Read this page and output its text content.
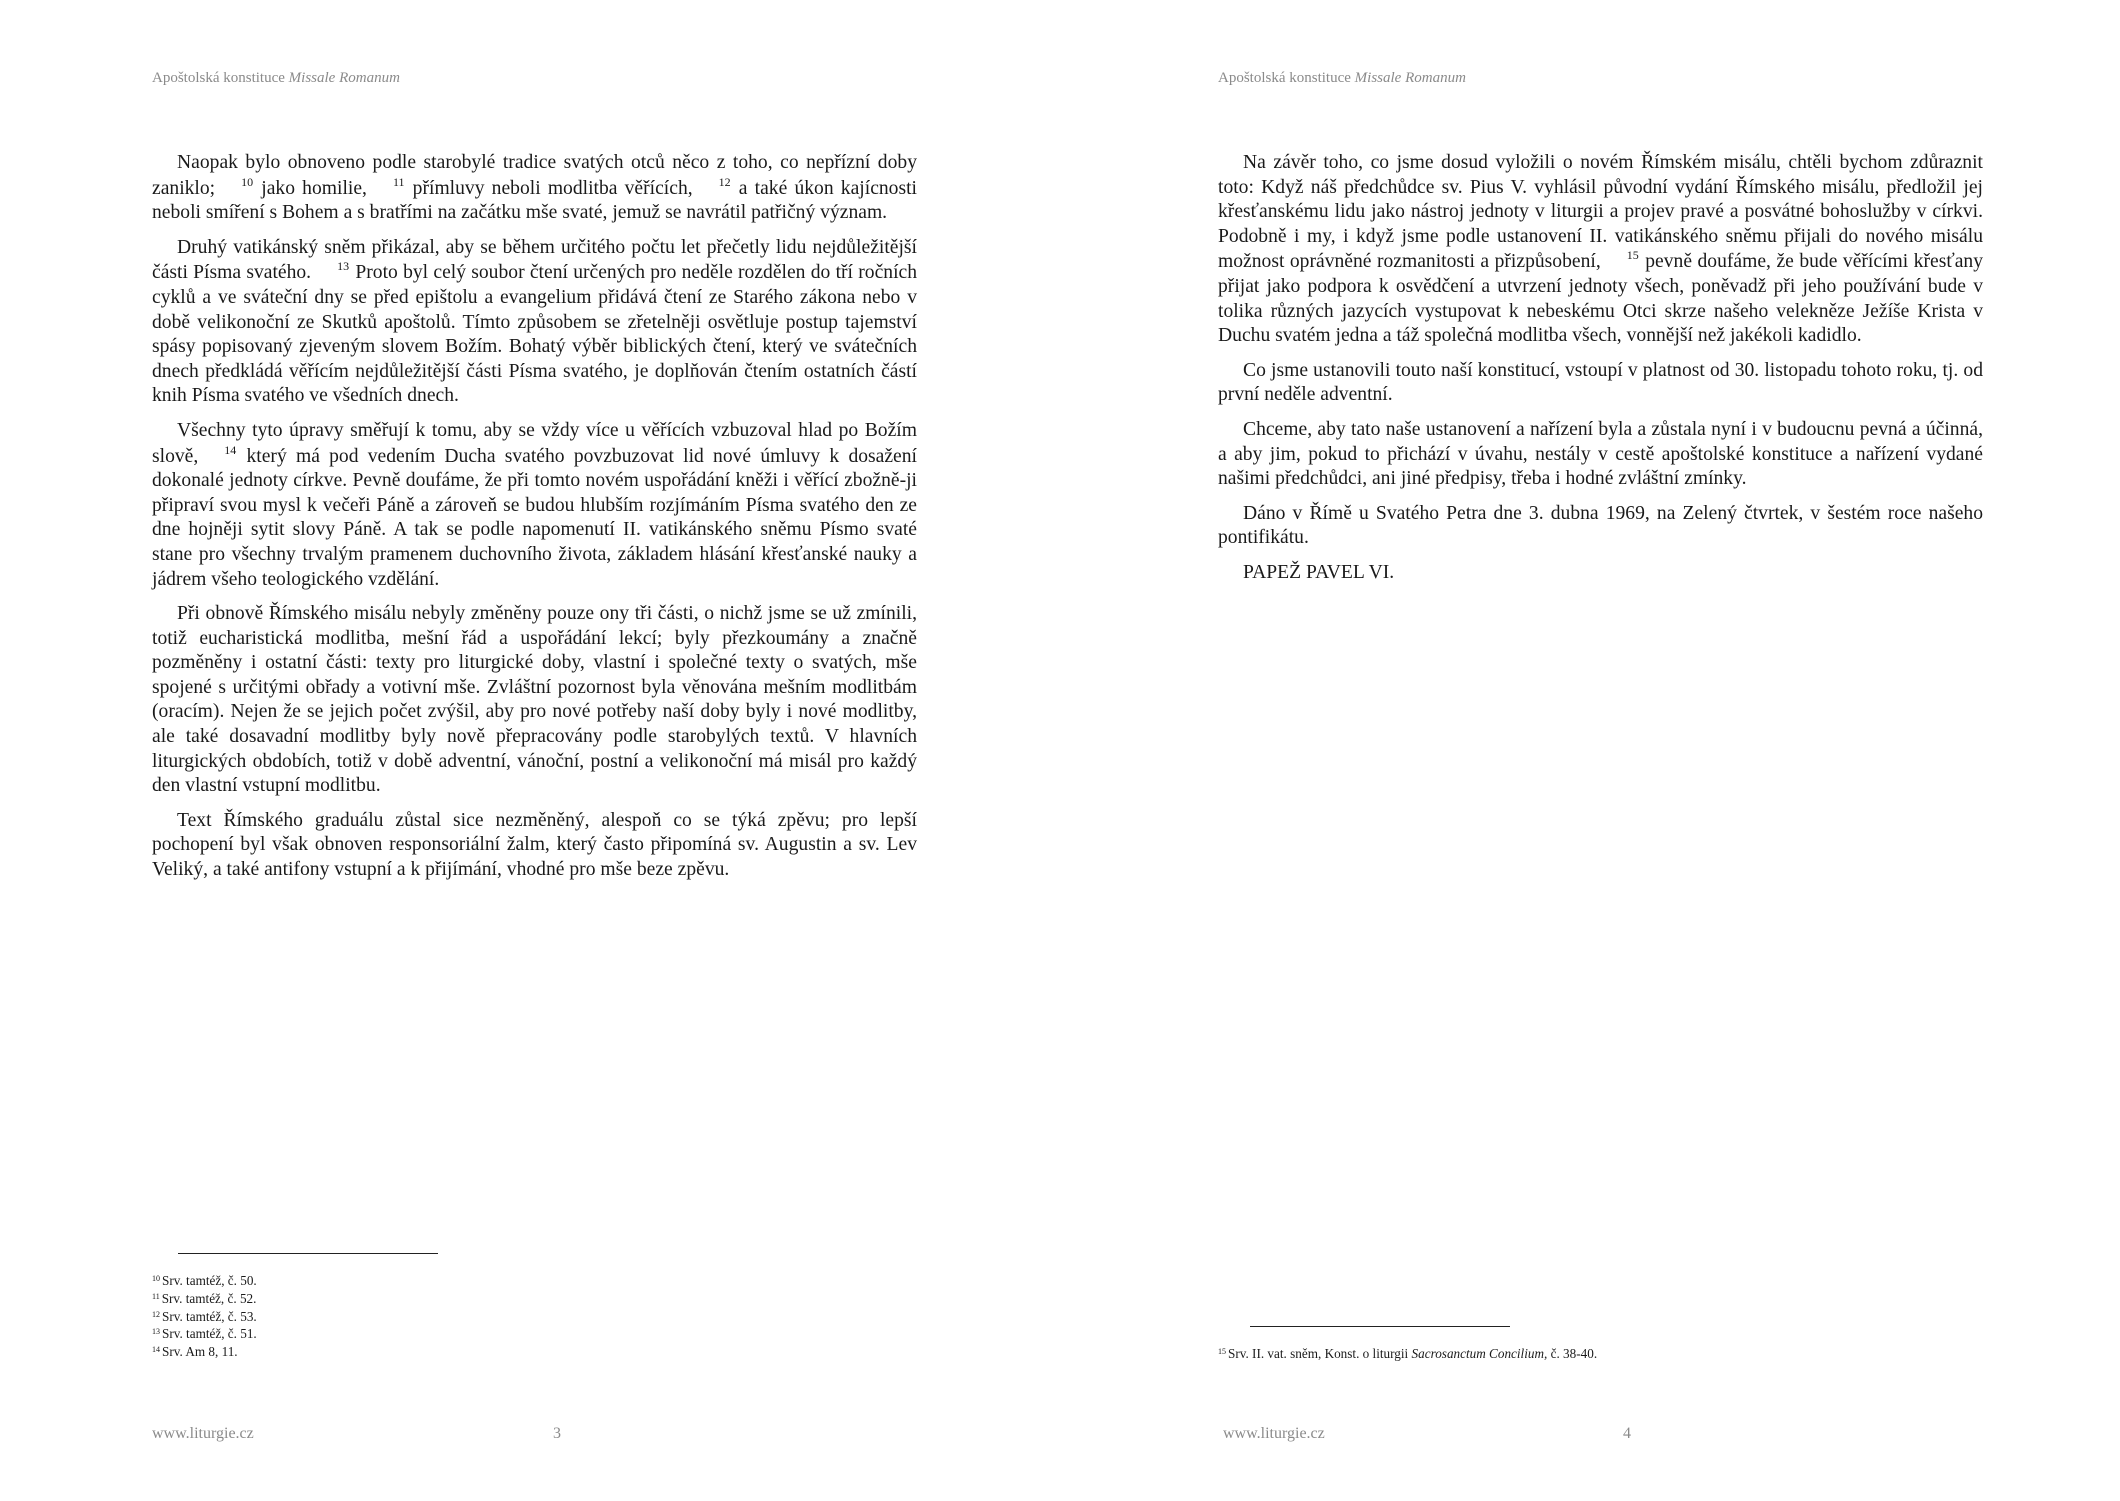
Apoštolská konstituce Missale Romanum

Naopak bylo obnoveno podle starobylé tradice svatých otců něco z toho, co nepřízní doby zaniklo; $^{10}$ jako homilie, $^{11}$ přímluvy neboli modlitba věřících, $^{12}$ a také úkon kajícnosti neboli smíření s Bohem a s bratřími na začátku mše svaté, jemuž se navrátil patřičný význam.

Druhý vatikánský sněm přikázal, aby se během určitého počtu let přečetly lidu nejdůležitější části Písma svatého. $^{13}$ Proto byl celý soubor čtení určených pro neděle rozdělen do tří ročních cyklů a ve sváteční dny se před epištolu a evangelium přidává čtení ze Starého zákona nebo v době velikonoční ze Skutků apoštolů. Tímto způsobem se zřetelněji osvětluje postup tajemství spásy popisovaný zjeveným slovem Božím. Bohatý výběr biblických čtení, který ve svátečních dnech předkládá věřícím nejdůležitější části Písma svatého, je doplňován čtením ostatních částí knih Písma svatého ve všedních dnech.

Všechny tyto úpravy směřují k tomu, aby se vždy více u věřících vzbuzoval hlad po Božím slově, $^{14}$ který má pod vedením Ducha svatého povzbuzovat lid nové úmluvy k dosažení dokonalé jednoty církve. Pevně doufáme, že při tomto novém uspořádání kněži i věřící zbožně-ji připraví svou mysl k večeři Páně a zároveň se budou hlubším rozjímáním Písma svatého den ze dne hojněji sytit slovy Páně. A tak se podle napomenutí II. vatikánského sněmu Písmo svaté stane pro všechny trvalým pramenem duchovního života, základem hlásání křesťanské nauky a jádrem všeho teologického vzdělání.

Při obnově Římského misálu nebyly změněny pouze ony tři části, o nichž jsme se už zmínili, totiž eucharistická modlitba, mešní řád a uspořádání lekcí; byly přezkoumány a značně pozměněny i ostatní části: texty pro liturgické doby, vlastní i společné texty o svatých, mše spojené s určitými obřady a votivní mše. Zvláštní pozornost byla věnována mešním modlitbám (oracím). Nejen že se jejich počet zvýšil, aby pro nové potřeby naší doby byly i nové modlitby, ale také dosavadní modlitby byly nově přepracovány podle starobylých textů. V hlavních liturgických obdobích, totiž v době adventní, vánoční, postní a velikonoční má misál pro každý den vlastní vstupní modlitbu.

Text Římského graduálu zůstal sice nezměněný, alespoň co se týká zpěvu; pro lepší pochopení byl však obnoven responsoriální žalm, který často připomíná sv. Augustin a sv. Lev Veliký, a také antifony vstupní a k přijímání, vhodné pro mše beze zpěvu.

10 Srv. tamtéž, č. 50.
11 Srv. tamtéž, č. 52.
12 Srv. tamtéž, č. 53.
13 Srv. tamtéž, č. 51.
14 Srv. Am 8, 11.
www.liturgie.cz	3
Apoštolská konstituce Missale Romanum

Na závěr toho, co jsme dosud vyložili o novém Římském misálu, chtěli bychom zdůraznit toto: Když náš předchůdce sv. Pius V. vyhlásil původní vydání Římského misálu, předložil jej křesťanskému lidu jako nástroj jednoty v liturgii a projev pravé a posvátné bohoslužby v církvi. Podobně i my, i když jsme podle ustanovení II. vatikánského sněmu přijali do nového misálu možnost oprávněné rozmanitosti a přizpůsobení, $^{15}$ pevně doufáme, že bude věřícími křesťany přijat jako podpora k osvědčení a utvrzení jednoty všech, poněvadž při jeho používání bude v tolika různých jazycích vystupovat k nebeskému Otci skrze našeho velekněze Ježíše Krista v Duchu svatém jedna a táž společná modlitba všech, vonnější než jakékoli kadidlo.

Co jsme ustanovili touto naší konstitucí, vstoupí v platnost od 30. listopadu tohoto roku, tj. od první neděle adventní.

Chceme, aby tato naše ustanovení a nařízení byla a zůstala nyní i v budoucnu pevná a účinná, a aby jim, pokud to přichází v úvahu, nestály v cestě apoštolské konstituce a nařízení vydané našimi předchůdci, ani jiné předpisy, třeba i hodné zvláštní zmínky.

Dáno v Římě u Svatého Petra dne 3. dubna 1969, na Zelený čtvrtek, v šestém roce našeho pontifikátu.

PAPEŽ PAVEL VI.

15 Srv. II. vat. sněm, Konst. o liturgii Sacrosanctum Concilium, č. 38-40.
www.liturgie.cz	4
